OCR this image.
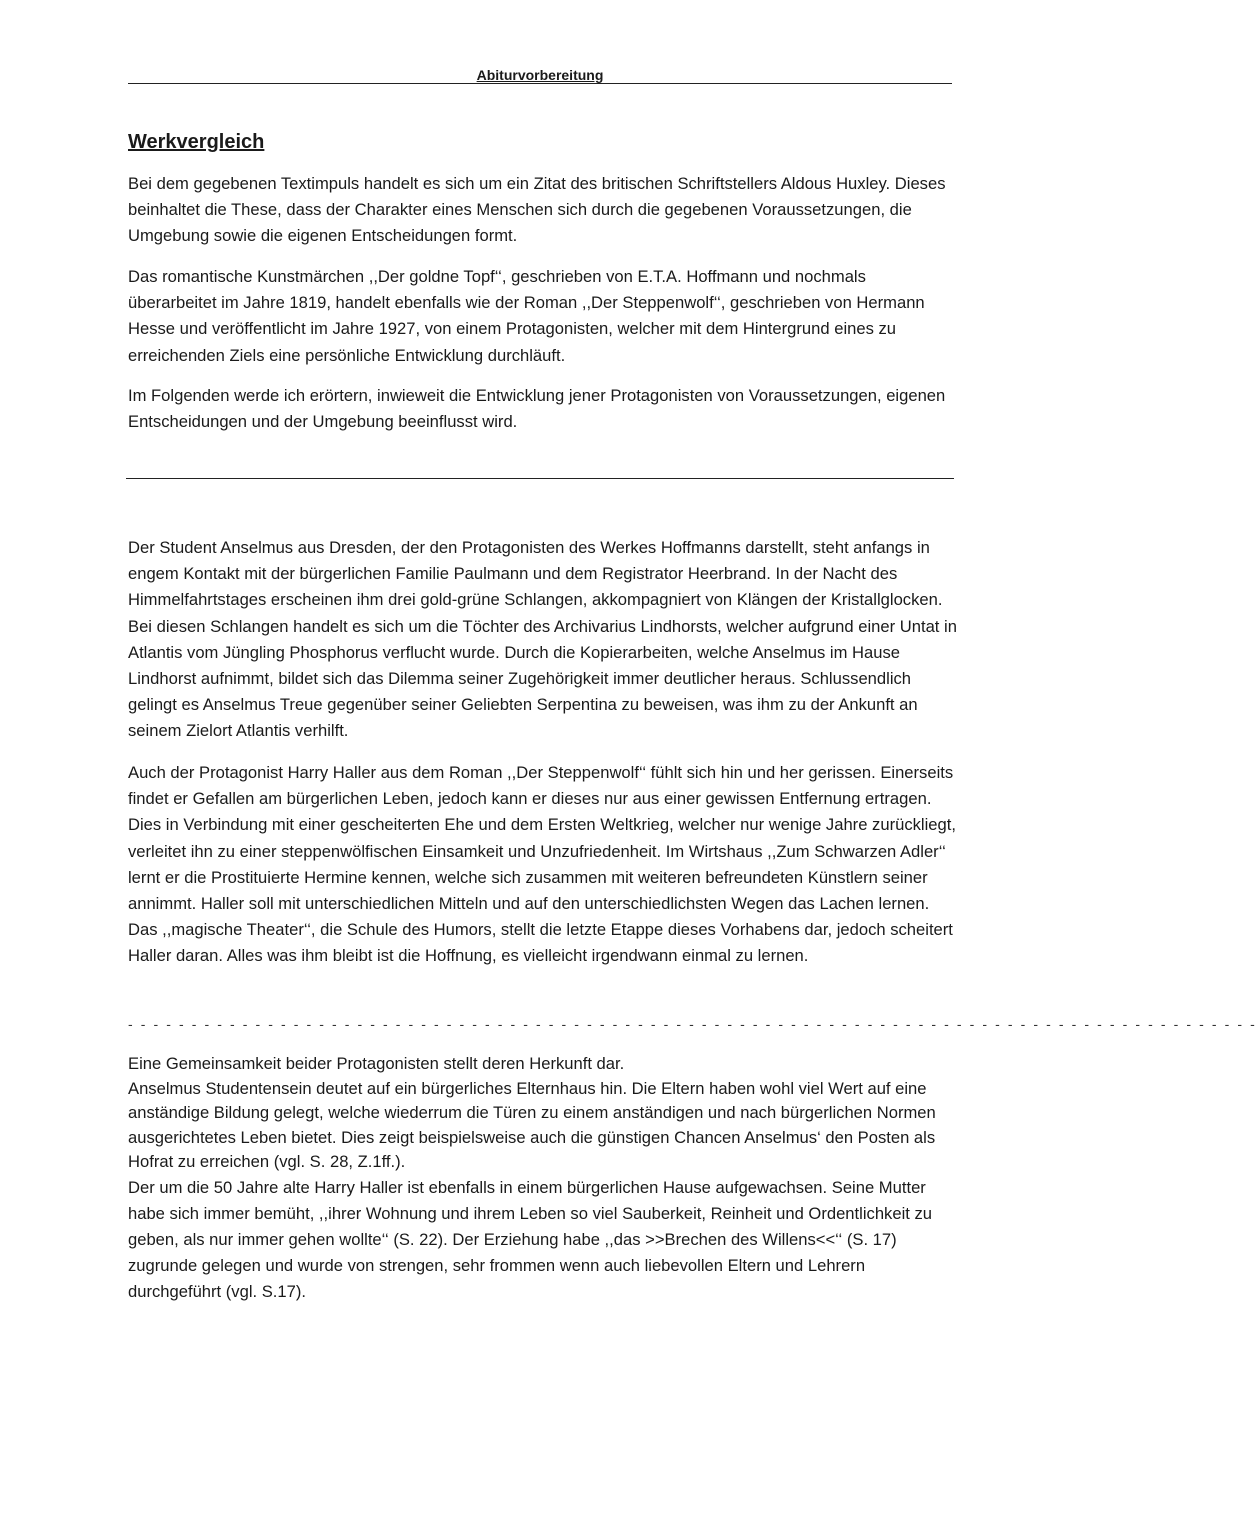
Abiturvorbereitung
Werkvergleich

Bei dem gegebenen Textimpuls handelt es sich um ein Zitat des britischen Schriftstellers Aldous Huxley. Dieses beinhaltet die These, dass der Charakter eines Menschen sich durch die gegebenen Voraussetzungen, die Umgebung sowie die eigenen Entscheidungen formt.

Das romantische Kunstmärchen ,,Der goldne Topf‘‘, geschrieben von E.T.A. Hoffmann und nochmals überarbeitet im Jahre 1819, handelt ebenfalls wie der Roman ,,Der Steppenwolf‘‘, geschrieben von Hermann Hesse und veröffentlicht im Jahre 1927, von einem Protagonisten, welcher mit dem Hintergrund eines zu erreichenden Ziels eine persönliche Entwicklung durchläuft.

Im Folgenden werde ich erörtern, inwieweit die Entwicklung jener Protagonisten von Voraussetzungen, eigenen Entscheidungen und der Umgebung beeinflusst wird.

Der Student Anselmus aus Dresden, der den Protagonisten des Werkes Hoffmanns darstellt, steht anfangs in engem Kontakt mit der bürgerlichen Familie Paulmann und dem Registrator Heerbrand. In der Nacht des Himmelfahrtstages erscheinen ihm drei gold-grüne Schlangen, akkompagniert von Klängen der Kristallglocken. Bei diesen Schlangen handelt es sich um die Töchter des Archivarius Lindhorsts, welcher aufgrund einer Untat in Atlantis vom Jüngling Phosphorus verflucht wurde. Durch die Kopierarbeiten, welche Anselmus im Hause Lindhorst aufnimmt, bildet sich das Dilemma seiner Zugehörigkeit immer deutlicher heraus. Schlussendlich gelingt es Anselmus Treue gegenüber seiner Geliebten Serpentina zu beweisen, was ihm zu der Ankunft an seinem Zielort Atlantis verhilft.

Auch der Protagonist Harry Haller aus dem Roman ,,Der Steppenwolf‘‘ fühlt sich hin und her gerissen. Einerseits findet er Gefallen am bürgerlichen Leben, jedoch kann er dieses nur aus einer gewissen Entfernung ertragen. Dies in Verbindung mit einer gescheiterten Ehe und dem Ersten Weltkrieg, welcher nur wenige Jahre zurückliegt, verleitet ihn zu einer steppenwölfischen Einsamkeit und Unzufriedenheit. Im Wirtshaus ,,Zum Schwarzen Adler‘‘ lernt er die Prostituierte Hermine kennen, welche sich zusammen mit weiteren befreundeten Künstlern seiner annimmt. Haller soll mit unterschiedlichen Mitteln und auf den unterschiedlichsten Wegen das Lachen lernen. Das ,,magische Theater‘‘, die Schule des Humors, stellt die letzte Etappe dieses Vorhabens dar, jedoch scheitert Haller daran. Alles was ihm bleibt ist die Hoffnung, es vielleicht irgendwann einmal zu lernen.

- - - - - - - - - - - - - - - - - - - - - - - - - - - - - - - - - - - - - - - - - - - - - - - - - - - - - - - - - - - - - - - - - - - - - - - - - - - - - - - - - - - - - - - - -

Eine Gemeinsamkeit beider Protagonisten stellt deren Herkunft dar.

Anselmus Studentensein deutet auf ein bürgerliches Elternhaus hin. Die Eltern haben wohl viel Wert auf eine anständige Bildung gelegt, welche wiederrum die Türen zu einem anständigen und nach bürgerlichen Normen ausgerichtetes Leben bietet. Dies zeigt beispielsweise auch die günstigen Chancen Anselmus‘ den Posten als Hofrat zu erreichen (vgl. S. 28, Z.1ff.).

Der um die 50 Jahre alte Harry Haller ist ebenfalls in einem bürgerlichen Hause aufgewachsen. Seine Mutter habe sich immer bemüht, ,,ihrer Wohnung und ihrem Leben so viel Sauberkeit, Reinheit und Ordentlichkeit zu geben, als nur immer gehen wollte‘‘ (S. 22). Der Erziehung habe ,,das >>Brechen des Willens<<‘‘ (S. 17) zugrunde gelegen und wurde von strengen, sehr frommen wenn auch liebevollen Eltern und Lehrern durchgeführt (vgl. S.17).
